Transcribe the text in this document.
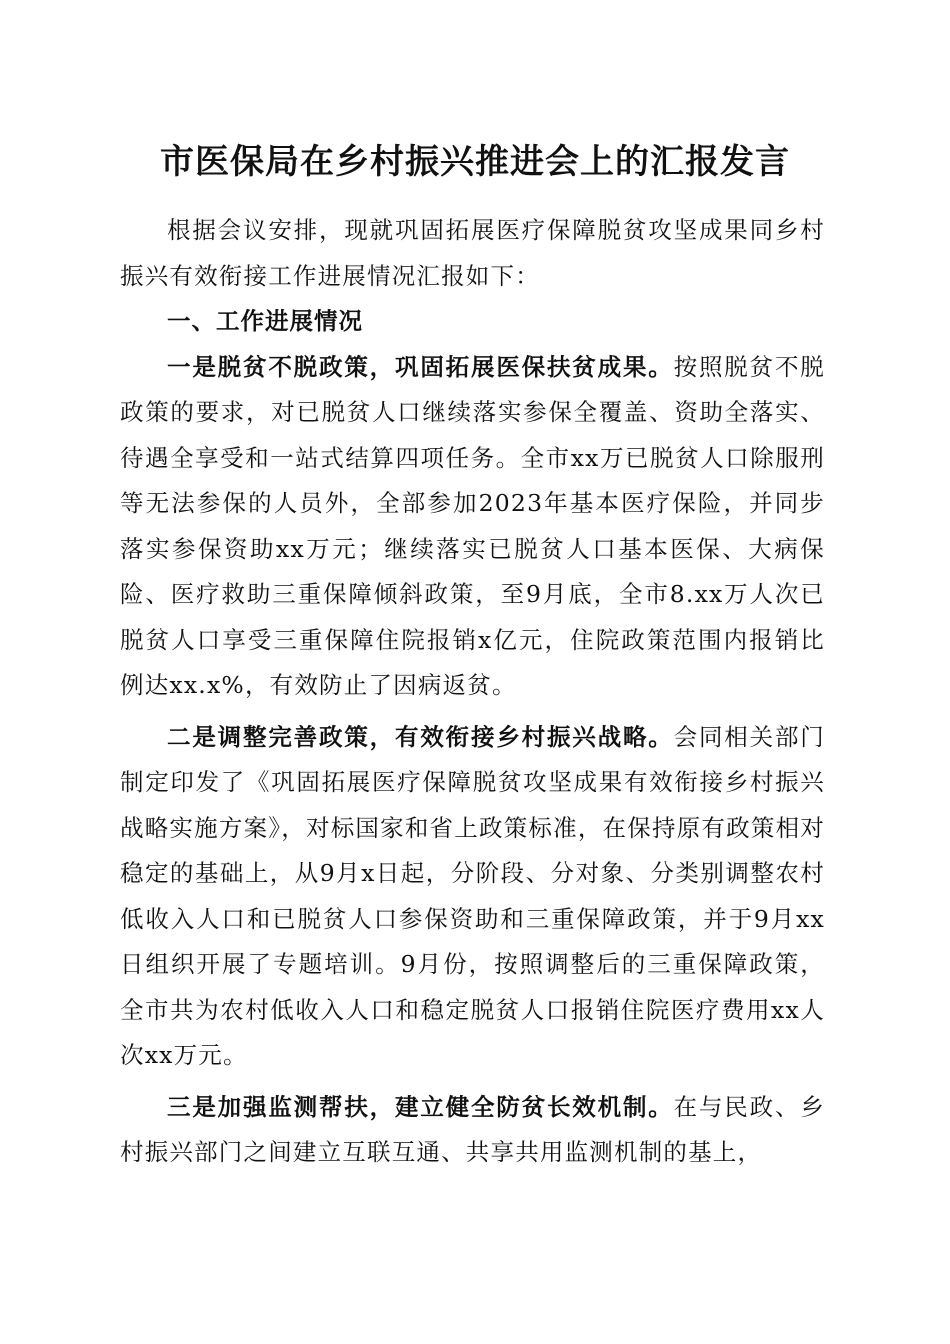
市医保局在乡村振兴推进会上的汇报发言

根据会议安排，现就巩固拓展医疗保障脱贫攻坚成果同乡村振兴有效衔接工作进展情况汇报如下：

一、工作进展情况

一是脱贫不脱政策，巩固拓展医保扶贫成果。按照脱贫不脱政策的要求，对已脱贫人口继续落实参保全覆盖、资助全落实、待遇全享受和一站式结算四项任务。全市xx万已脱贫人口除服刑等无法参保的人员外，全部参加2023年基本医疗保险，并同步落实参保资助xx万元；继续落实已脱贫人口基本医保、大病保险、医疗救助三重保障倾斜政策，至9月底，全市8.xx万人次已脱贫人口享受三重保障住院报销x亿元，住院政策范围内报销比例达xx.x%，有效防止了因病返贫。

二是调整完善政策，有效衔接乡村振兴战略。会同相关部门制定印发了《巩固拓展医疗保障脱贫攻坚成果有效衔接乡村振兴战略实施方案》，对标国家和省上政策标准，在保持原有政策相对稳定的基础上，从9月x日起，分阶段、分对象、分类别调整农村低收入人口和已脱贫人口参保资助和三重保障政策，并于9月xx日组织开展了专题培训。9月份，按照调整后的三重保障政策，全市共为农村低收入人口和稳定脱贫人口报销住院医疗费用xx人次xx万元。

三是加强监测帮扶，建立健全防贫长效机制。在与民政、乡村振兴部门之间建立互联互通、共享共用监测机制的基上，
